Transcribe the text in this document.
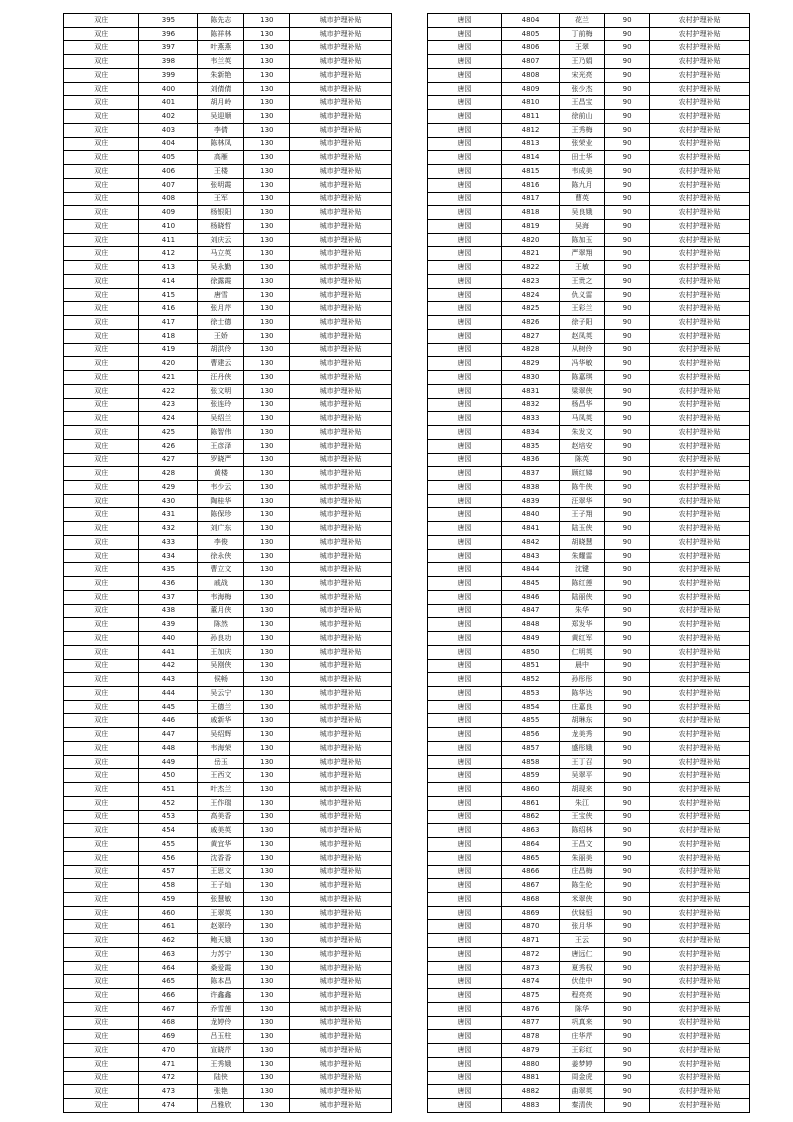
双庄	395	陈先志	130	城市护理补贴
双庄	396	陈祥林	130	城市护理补贴
双庄	397	叶燕燕	130	城市护理补贴
双庄	398	韦兰英	130	城市护理补贴
双庄	399	朱新艳	130	城市护理补贴
双庄	400	刘倩倩	130	城市护理补贴
双庄	401	胡月岭	130	城市护理补贴
双庄	402	吴迎顺	130	城市护理补贴
双庄	403	李倩	130	城市护理补贴
双庄	404	陈林凤	130	城市护理补贴
双庄	405	高雁	130	城市护理补贴
双庄	406	王楼	130	城市护理补贴
双庄	407	张明霞	130	城市护理补贴
双庄	408	王军	130	城市护理补贴
双庄	409	杨银阳	130	城市护理补贴
双庄	410	杨晓哲	130	城市护理补贴
双庄	411	刘庆云	130	城市护理补贴
双庄	412	马立英	130	城市护理补贴
双庄	413	吴永勤	130	城市护理补贴
双庄	414	徐露霞	130	城市护理补贴
双庄	415	唐雪	130	城市护理补贴
双庄	416	张月芹	130	城市护理补贴
双庄	417	徐士德	130	城市护理补贴
双庄	418	王娇	130	城市护理补贴
双庄	419	胡洪伶	130	城市护理补贴
双庄	420	曹建云	130	城市护理补贴
双庄	421	汪丹侠	130	城市护理补贴
双庄	422	张文明	130	城市护理补贴
双庄	423	张连玲	130	城市护理补贴
双庄	424	吴绍兰	130	城市护理补贴
双庄	425	陈智伟	130	城市护理补贴
双庄	426	王彦泽	130	城市护理补贴
双庄	427	罗晓严	130	城市护理补贴
双庄	428	黄楼	130	城市护理补贴
双庄	429	韦少云	130	城市护理补贴
双庄	430	陶桂华	130	城市护理补贴
双庄	431	陈保珍	130	城市护理补贴
双庄	432	刘广东	130	城市护理补贴
双庄	433	李俊	130	城市护理补贴
双庄	434	徐永侠	130	城市护理补贴
双庄	435	曹立文	130	城市护理补贴
双庄	436	戚战	130	城市护理补贴
双庄	437	韦海梅	130	城市护理补贴
双庄	438	董月侠	130	城市护理补贴
双庄	439	陈然	130	城市护理补贴
双庄	440	孙良功	130	城市护理补贴
双庄	441	王加庆	130	城市护理补贴
双庄	442	吴刚侠	130	城市护理补贴
双庄	443	侯畅	130	城市护理补贴
双庄	444	吴云宁	130	城市护理补贴
双庄	445	王德兰	130	城市护理补贴
双庄	446	戚新华	130	城市护理补贴
双庄	447	吴绍辉	130	城市护理补贴
双庄	448	韦海荣	130	城市护理补贴
双庄	449	岳玉	130	城市护理补贴
双庄	450	王西文	130	城市护理补贴
双庄	451	叶杰兰	130	城市护理补贴
双庄	452	王作瑞	130	城市护理补贴
双庄	453	高美香	130	城市护理补贴
双庄	454	戚美英	130	城市护理补贴
双庄	455	黄宜华	130	城市护理补贴
双庄	456	沈香香	130	城市护理补贴
双庄	457	王思文	130	城市护理补贴
双庄	458	王子灿	130	城市护理补贴
双庄	459	张慧敏	130	城市护理补贴
双庄	460	王翠英	130	城市护理补贴
双庄	461	赵翠玲	130	城市护理补贴
双庄	462	鲍天娥	130	城市护理补贴
双庄	463	力苏宁	130	城市护理补贴
双庄	464	桑爱霞	130	城市护理补贴
双庄	465	陈本昌	130	城市护理补贴
双庄	466	许鑫鑫	130	城市护理补贴
双庄	467	乔雪莲	130	城市护理补贴
双庄	468	龙婷伶	130	城市护理补贴
双庄	469	吕玉柱	130	城市护理补贴
双庄	470	宣晓芹	130	城市护理补贴
双庄	471	王秀娥	130	城市护理补贴
双庄	472	陆侠	130	城市护理补贴
双庄	473	张艳	130	城市护理补贴
双庄	474	吕雅欣	130	城市护理补贴
唐园	4804	花兰	90	农村护理补贴
唐园	4805	丁前梅	90	农村护理补贴
唐园	4806	王翠	90	农村护理补贴
唐园	4807	王乃娟	90	农村护理补贴
唐园	4808	宋光亮	90	农村护理补贴
唐园	4809	张少杰	90	农村护理补贴
唐园	4810	王昌宝	90	农村护理补贴
唐园	4811	徐前山	90	农村护理补贴
唐园	4812	王秀梅	90	农村护理补贴
唐园	4813	张荣业	90	农村护理补贴
唐园	4814	田士华	90	农村护理补贴
唐园	4815	韦成美	90	农村护理补贴
唐园	4816	陈九月	90	农村护理补贴
唐园	4817	曹英	90	农村护理补贴
唐园	4818	吴良娥	90	农村护理补贴
唐园	4819	吴海	90	农村护理补贴
唐园	4820	陈加玉	90	农村护理补贴
唐园	4821	严翠翔	90	农村护理补贴
唐园	4822	王敏	90	农村护理补贴
唐园	4823	王贵之	90	农村护理补贴
唐园	4824	仇义雷	90	农村护理补贴
唐园	4825	王彩兰	90	农村护理补贴
唐园	4826	徐子阳	90	农村护理补贴
唐园	4827	赵凤英	90	农村护理补贴
唐园	4828	从树伶	90	农村护理补贴
唐园	4829	冯华敏	90	农村护理补贴
唐园	4830	陈嘉琪	90	农村护理补贴
唐园	4831	梁翠侠	90	农村护理补贴
唐园	4832	杨昌华	90	农村护理补贴
唐园	4833	马凤英	90	农村护理补贴
唐园	4834	朱发文	90	农村护理补贴
唐园	4835	赵培安	90	农村护理补贴
唐园	4836	陈英	90	农村护理补贴
唐园	4837	顾红娣	90	农村护理补贴
唐园	4838	陈牛侠	90	农村护理补贴
唐园	4839	汪翠华	90	农村护理补贴
唐园	4840	王子翔	90	农村护理补贴
唐园	4841	陆玉侠	90	农村护理补贴
唐园	4842	胡晓慧	90	农村护理补贴
唐园	4843	朱耀雷	90	农村护理补贴
唐园	4844	沈键	90	农村护理补贴
唐园	4845	陈红莲	90	农村护理补贴
唐园	4846	陆丽侠	90	农村护理补贴
唐园	4847	朱华	90	农村护理补贴
唐园	4848	郑发华	90	农村护理补贴
唐园	4849	黄红军	90	农村护理补贴
唐园	4850	仁明英	90	农村护理补贴
唐园	4851	晨中	90	农村护理补贴
唐园	4852	孙彤彤	90	农村护理补贴
唐园	4853	陈华达	90	农村护理补贴
唐园	4854	庄嘉良	90	农村护理补贴
唐园	4855	胡琳东	90	农村护理补贴
唐园	4856	龙美秀	90	农村护理补贴
唐园	4857	盛彤娥	90	农村护理补贴
唐园	4858	王丁召	90	农村护理补贴
唐园	4859	吴翠平	90	农村护理补贴
唐园	4860	胡现来	90	农村护理补贴
唐园	4861	朱江	90	农村护理补贴
唐园	4862	王宝侠	90	农村护理补贴
唐园	4863	陈绍林	90	农村护理补贴
唐园	4864	王昌文	90	农村护理补贴
唐园	4865	朱丽美	90	农村护理补贴
唐园	4866	庄昌梅	90	农村护理补贴
唐园	4867	陈生伦	90	农村护理补贴
唐园	4868	米翠侠	90	农村护理补贴
唐园	4869	伏妹恒	90	农村护理补贴
唐园	4870	张月华	90	农村护理补贴
唐园	4871	王云	90	农村护理补贴
唐园	4872	唐远仁	90	农村护理补贴
唐园	4873	夏秀权	90	农村护理补贴
唐园	4874	伏佳中	90	农村护理补贴
唐园	4875	程亮亮	90	农村护理补贴
唐园	4876	陈华	90	农村护理补贴
唐园	4877	巩真来	90	农村护理补贴
唐园	4878	庄华芹	90	农村护理补贴
唐园	4879	王彩红	90	农村护理补贴
唐园	4880	姜梦婷	90	农村护理补贴
唐园	4881	周金虎	90	农村护理补贴
唐园	4882	曲翠英	90	农村护理补贴
唐园	4883	秦清侠	90	农村护理补贴
